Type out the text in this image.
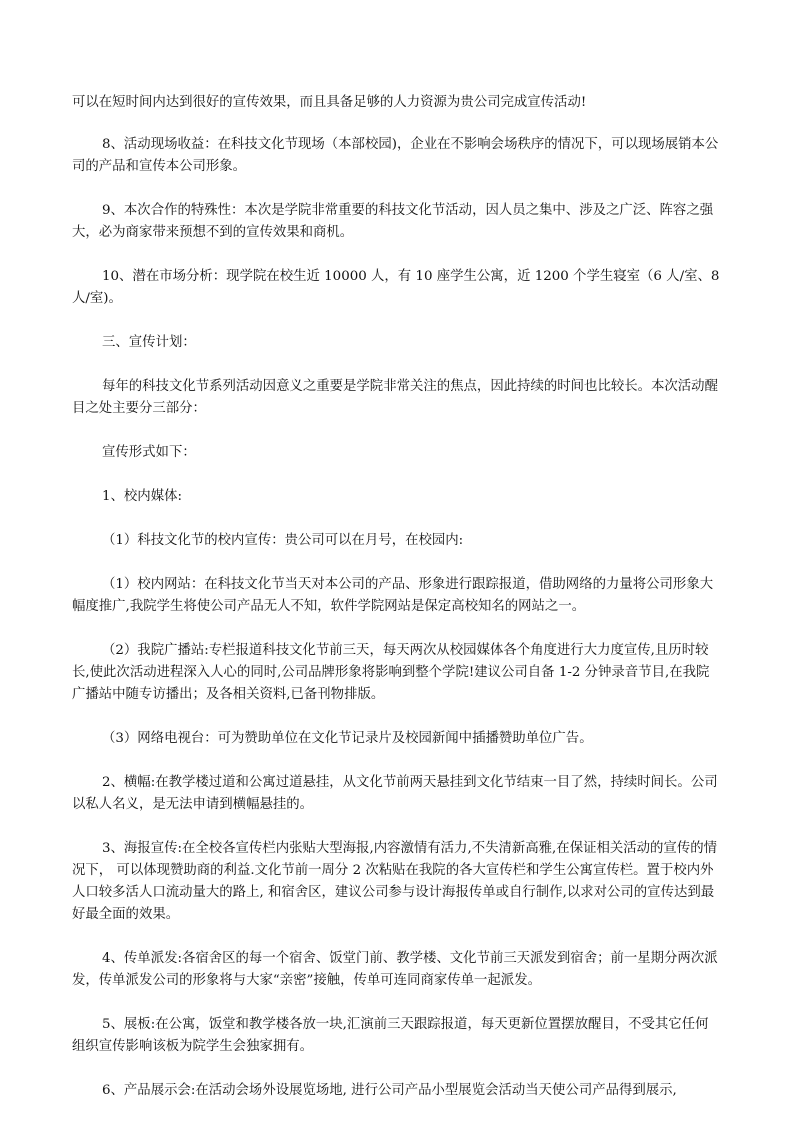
可以在短时间内达到很好的宣传效果，而且具备足够的人力资源为贵公司完成宣传活动!

8、活动现场收益：在科技文化节现场（本部校园)，企业在不影响会场秩序的情况下，可以现场展销本公司的产品和宣传本公司形象。

9、本次合作的特殊性：本次是学院非常重要的科技文化节活动，因人员之集中、涉及之广泛、阵容之强大，必为商家带来预想不到的宣传效果和商机。

10、潜在市场分析：现学院在校生近 10000 人，有 10 座学生公寓，近 1200 个学生寝室（6 人/室、8人/室)。

三、宣传计划：

每年的科技文化节系列活动因意义之重要是学院非常关注的焦点，因此持续的时间也比较长。本次活动醒目之处主要分三部分：

宣传形式如下：

1、校内媒体:

（1）科技文化节的校内宣传：贵公司可以在月号，在校园内:

（1）校内网站：在科技文化节当天对本公司的产品、形象进行跟踪报道，借助网络的力量将公司形象大幅度推广,我院学生将使公司产品无人不知，软件学院网站是保定高校知名的网站之一。

（2）我院广播站:专栏报道科技文化节前三天，每天两次从校园媒体各个角度进行大力度宣传,且历时较长,使此次活动进程深入人心的同时,公司品牌形象将影响到整个学院!建议公司自备 1-2 分钟录音节目,在我院广播站中随专访播出；及各相关资料,已备刊物排版。

（3）网络电视台：可为赞助单位在文化节记录片及校园新闻中插播赞助单位广告。

2、横幅:在教学楼过道和公寓过道悬挂，从文化节前两天悬挂到文化节结束一目了然，持续时间长。公司以私人名义，是无法申请到横幅悬挂的。

3、海报宣传:在全校各宣传栏内张贴大型海报,内容激情有活力,不失清新高雅,在保证相关活动的宣传的情况下， 可以体现赞助商的利益.文化节前一周分 2 次粘贴在我院的各大宣传栏和学生公寓宣传栏。置于校内外人口较多活人口流动量大的路上, 和宿舍区，建议公司参与设计海报传单或自行制作,以求对公司的宣传达到最好最全面的效果。

4、传单派发:各宿舍区的每一个宿舍、饭堂门前、教学楼、文化节前三天派发到宿舍；前一星期分两次派发，传单派发公司的形象将与大家“亲密”接触，传单可连同商家传单一起派发。

5、展板:在公寓，饭堂和教学楼各放一块,汇演前三天跟踪报道，每天更新位置摆放醒目，不受其它任何组织宣传影响该板为院学生会独家拥有。

6、产品展示会:在活动会场外设展览场地, 进行公司产品小型展览会活动当天使公司产品得到展示,
